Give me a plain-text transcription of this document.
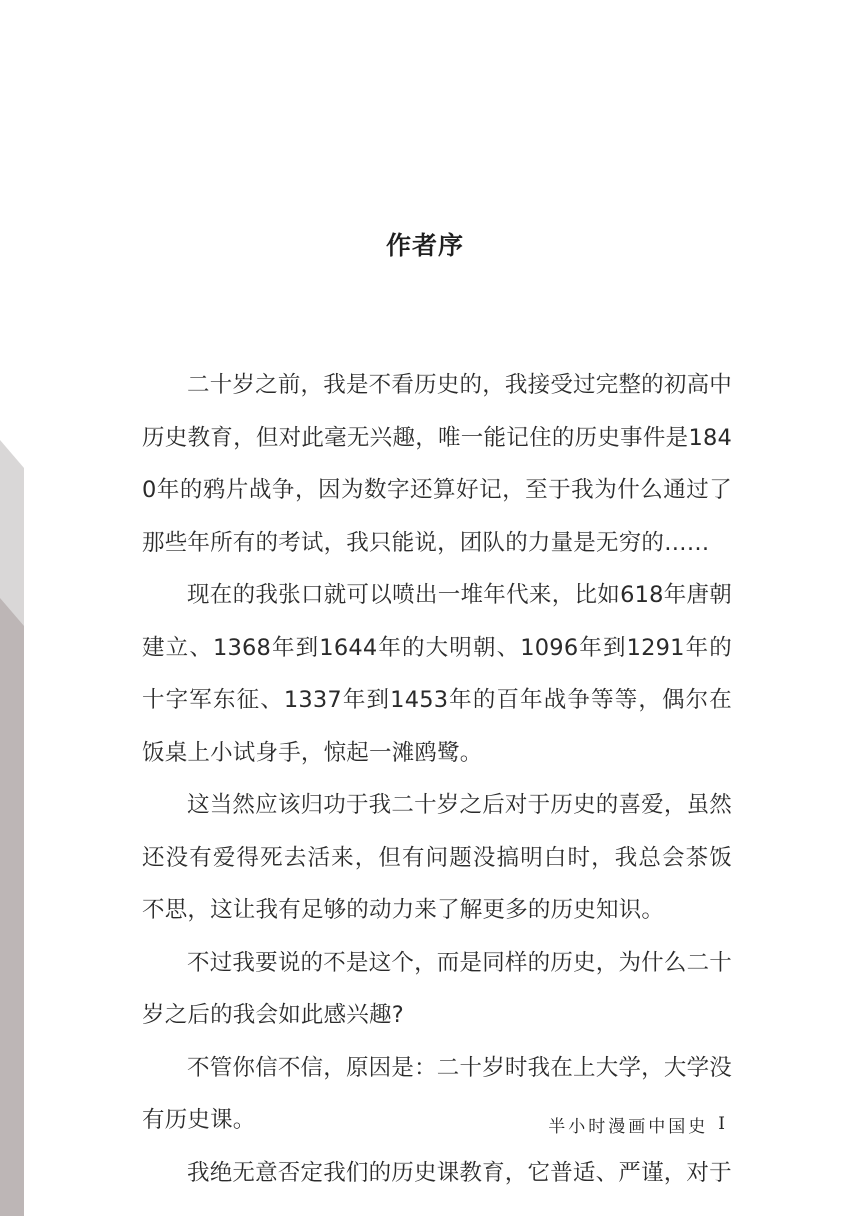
作者序

二十岁之前，我是不看历史的，我接受过完整的初高中历史教育，但对此毫无兴趣，唯一能记住的历史事件是1840年的鸦片战争，因为数字还算好记，至于我为什么通过了那些年所有的考试，我只能说，团队的力量是无穷的……

现在的我张口就可以喷出一堆年代来，比如618年唐朝建立、1368年到1644年的大明朝、1096年到1291年的十字军东征、1337年到1453年的百年战争等等，偶尔在饭桌上小试身手，惊起一滩鸥鹭。

这当然应该归功于我二十岁之后对于历史的喜爱，虽然还没有爱得死去活来，但有问题没搞明白时，我总会茶饭不思，这让我有足够的动力来了解更多的历史知识。

不过我要说的不是这个，而是同样的历史，为什么二十岁之后的我会如此感兴趣?

不管你信不信，原因是：二十岁时我在上大学，大学没有历史课。

我绝无意否定我们的历史课教育，它普适、严谨，对于

半小时漫画中国史 I
